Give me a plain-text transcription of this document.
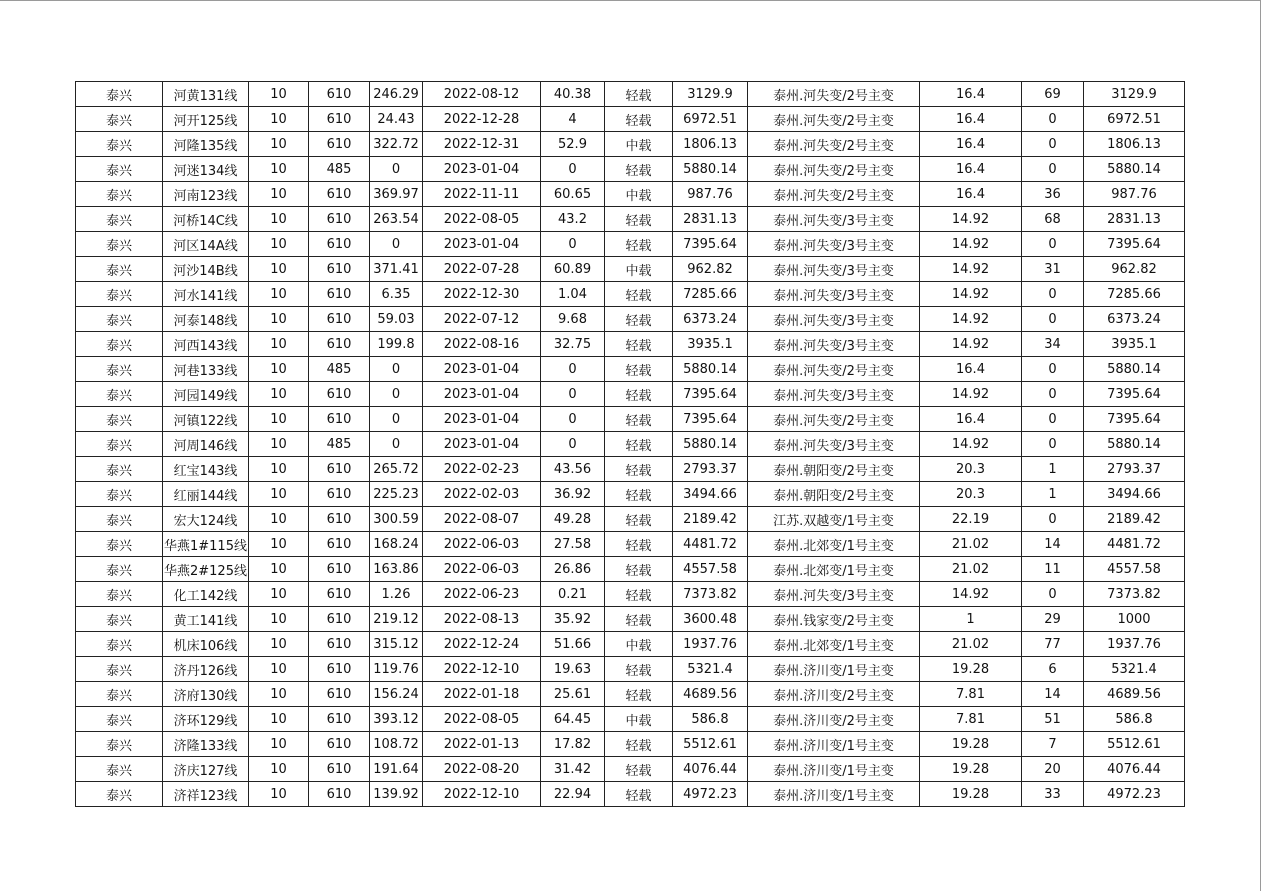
泰兴	河黄131线	10	610	246.29	2022-08-12	40.38	轻载	3129.9	泰州.河失变/2号主变	16.4	69	3129.9
泰兴	河开125线	10	610	24.43	2022-12-28	4	轻载	6972.51	泰州.河失变/2号主变	16.4	0	6972.51
泰兴	河隆135线	10	610	322.72	2022-12-31	52.9	中载	1806.13	泰州.河失变/2号主变	16.4	0	1806.13
泰兴	河迷134线	10	485	0	2023-01-04	0	轻载	5880.14	泰州.河失变/2号主变	16.4	0	5880.14
泰兴	河南123线	10	610	369.97	2022-11-11	60.65	中载	987.76	泰州.河失变/2号主变	16.4	36	987.76
泰兴	河桥14C线	10	610	263.54	2022-08-05	43.2	轻载	2831.13	泰州.河失变/3号主变	14.92	68	2831.13
泰兴	河区14A线	10	610	0	2023-01-04	0	轻载	7395.64	泰州.河失变/3号主变	14.92	0	7395.64
泰兴	河沙14B线	10	610	371.41	2022-07-28	60.89	中载	962.82	泰州.河失变/3号主变	14.92	31	962.82
泰兴	河水141线	10	610	6.35	2022-12-30	1.04	轻载	7285.66	泰州.河失变/3号主变	14.92	0	7285.66
泰兴	河泰148线	10	610	59.03	2022-07-12	9.68	轻载	6373.24	泰州.河失变/3号主变	14.92	0	6373.24
泰兴	河西143线	10	610	199.8	2022-08-16	32.75	轻载	3935.1	泰州.河失变/3号主变	14.92	34	3935.1
泰兴	河巷133线	10	485	0	2023-01-04	0	轻载	5880.14	泰州.河失变/2号主变	16.4	0	5880.14
泰兴	河园149线	10	610	0	2023-01-04	0	轻载	7395.64	泰州.河失变/3号主变	14.92	0	7395.64
泰兴	河镇122线	10	610	0	2023-01-04	0	轻载	7395.64	泰州.河失变/2号主变	16.4	0	7395.64
泰兴	河周146线	10	485	0	2023-01-04	0	轻载	5880.14	泰州.河失变/3号主变	14.92	0	5880.14
泰兴	红宝143线	10	610	265.72	2022-02-23	43.56	轻载	2793.37	泰州.朝阳变/2号主变	20.3	1	2793.37
泰兴	红丽144线	10	610	225.23	2022-02-03	36.92	轻载	3494.66	泰州.朝阳变/2号主变	20.3	1	3494.66
泰兴	宏大124线	10	610	300.59	2022-08-07	49.28	轻载	2189.42	江苏.双越变/1号主变	22.19	0	2189.42
泰兴	华燕1#115线	10	610	168.24	2022-06-03	27.58	轻载	4481.72	泰州.北郊变/1号主变	21.02	14	4481.72
泰兴	华燕2#125线	10	610	163.86	2022-06-03	26.86	轻载	4557.58	泰州.北郊变/1号主变	21.02	11	4557.58
泰兴	化工142线	10	610	1.26	2022-06-23	0.21	轻载	7373.82	泰州.河失变/3号主变	14.92	0	7373.82
泰兴	黄工141线	10	610	219.12	2022-08-13	35.92	轻载	3600.48	泰州.钱家变/2号主变	1	29	1000
泰兴	机床106线	10	610	315.12	2022-12-24	51.66	中载	1937.76	泰州.北郊变/1号主变	21.02	77	1937.76
泰兴	济丹126线	10	610	119.76	2022-12-10	19.63	轻载	5321.4	泰州.济川变/1号主变	19.28	6	5321.4
泰兴	济府130线	10	610	156.24	2022-01-18	25.61	轻载	4689.56	泰州.济川变/2号主变	7.81	14	4689.56
泰兴	济环129线	10	610	393.12	2022-08-05	64.45	中载	586.8	泰州.济川变/2号主变	7.81	51	586.8
泰兴	济隆133线	10	610	108.72	2022-01-13	17.82	轻载	5512.61	泰州.济川变/1号主变	19.28	7	5512.61
泰兴	济庆127线	10	610	191.64	2022-08-20	31.42	轻载	4076.44	泰州.济川变/1号主变	19.28	20	4076.44
泰兴	济祥123线	10	610	139.92	2022-12-10	22.94	轻载	4972.23	泰州.济川变/1号主变	19.28	33	4972.23
